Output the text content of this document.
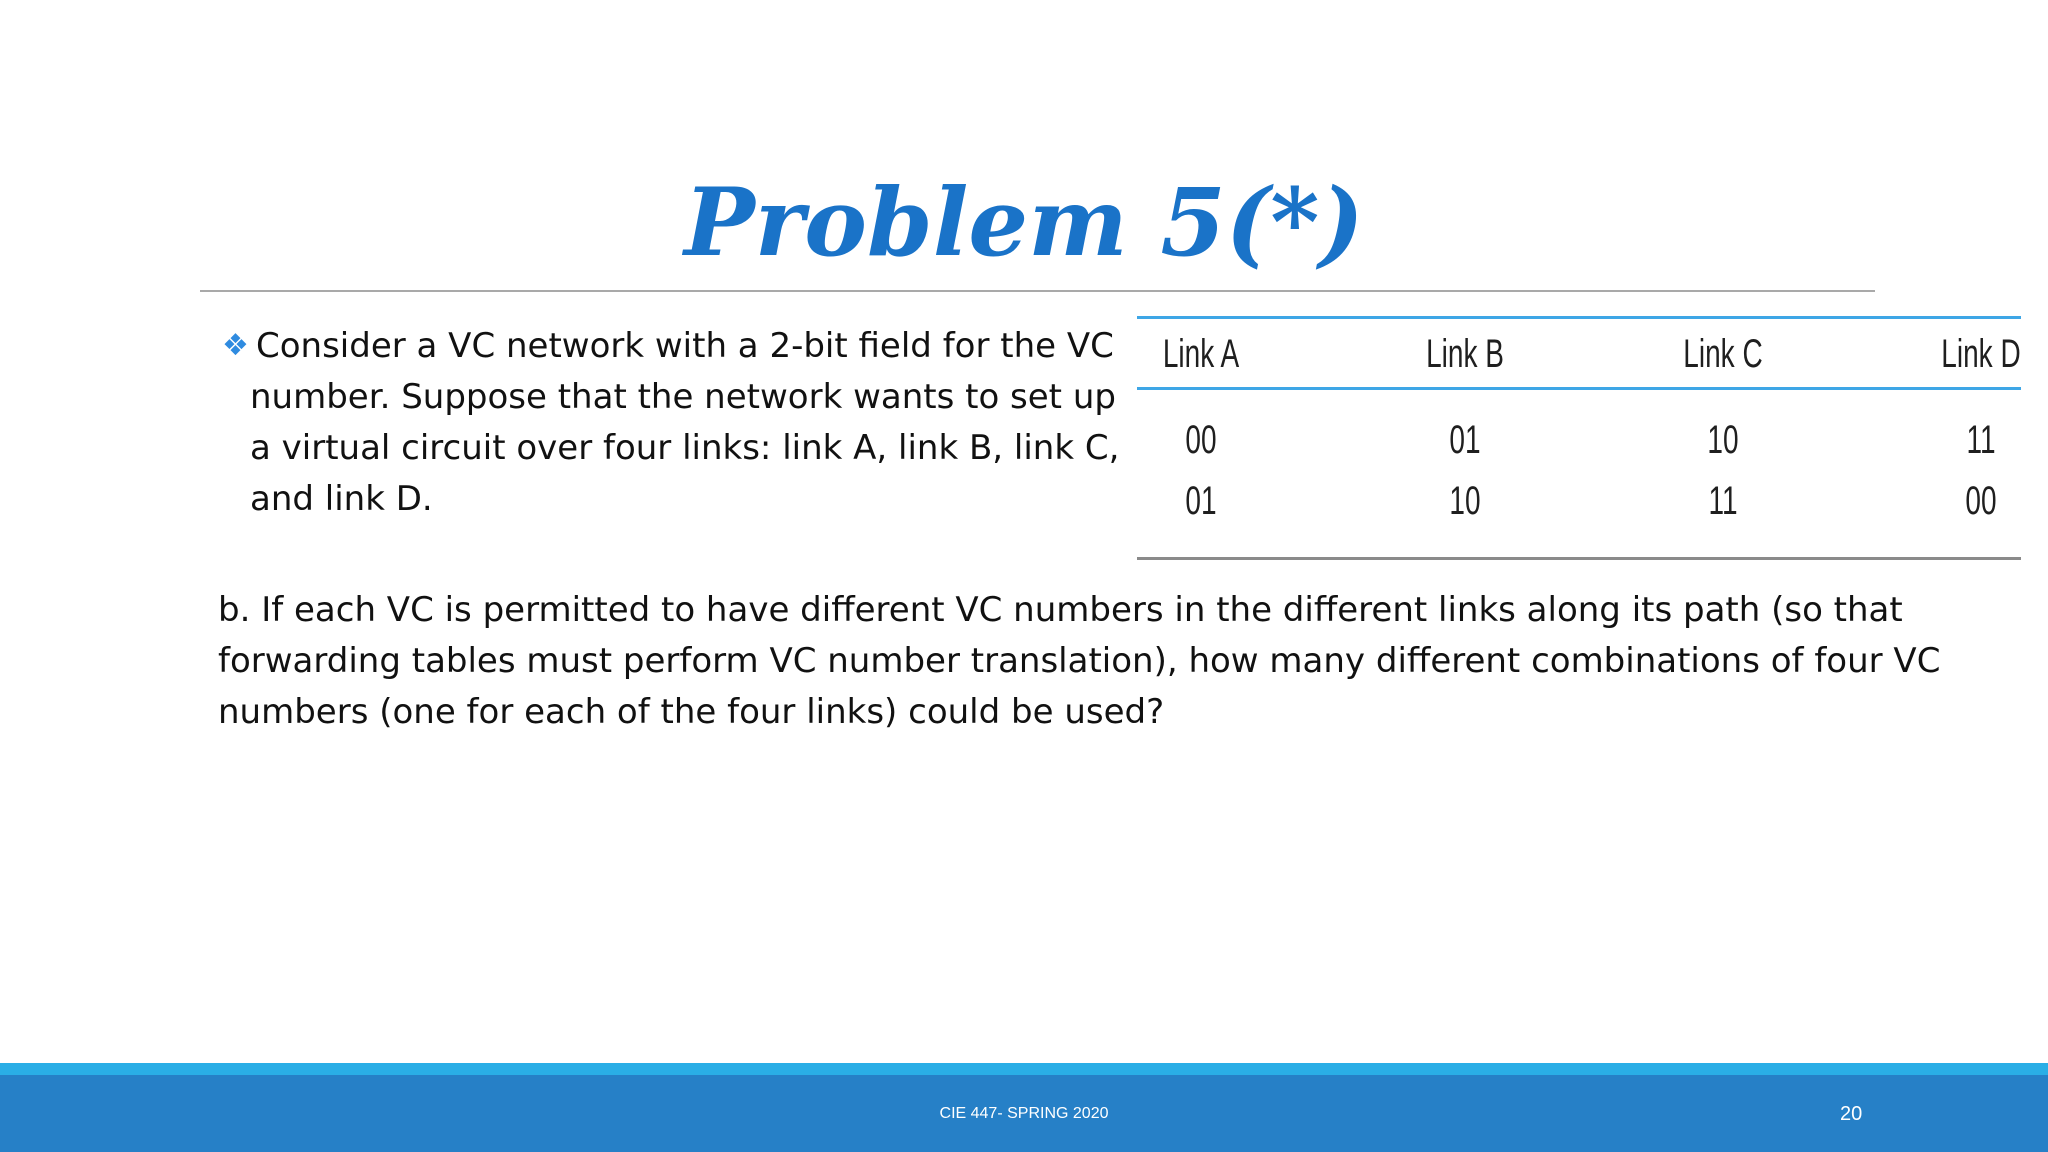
Problem 5(*)
❖ Consider a VC network with a 2-bit field for the VC
number. Suppose that the network wants to set up
a virtual circuit over four links: link A, link B, link C,
and link D.
Link A	Link B	Link C	Link D
00	01	10	11
01	10	11	00
b. If each VC is permitted to have different VC numbers in the different links along its path (so that forwarding tables must perform VC number translation), how many different combinations of four VC numbers (one for each of the four links) could be used?
CIE 447- SPRING 2020	20
